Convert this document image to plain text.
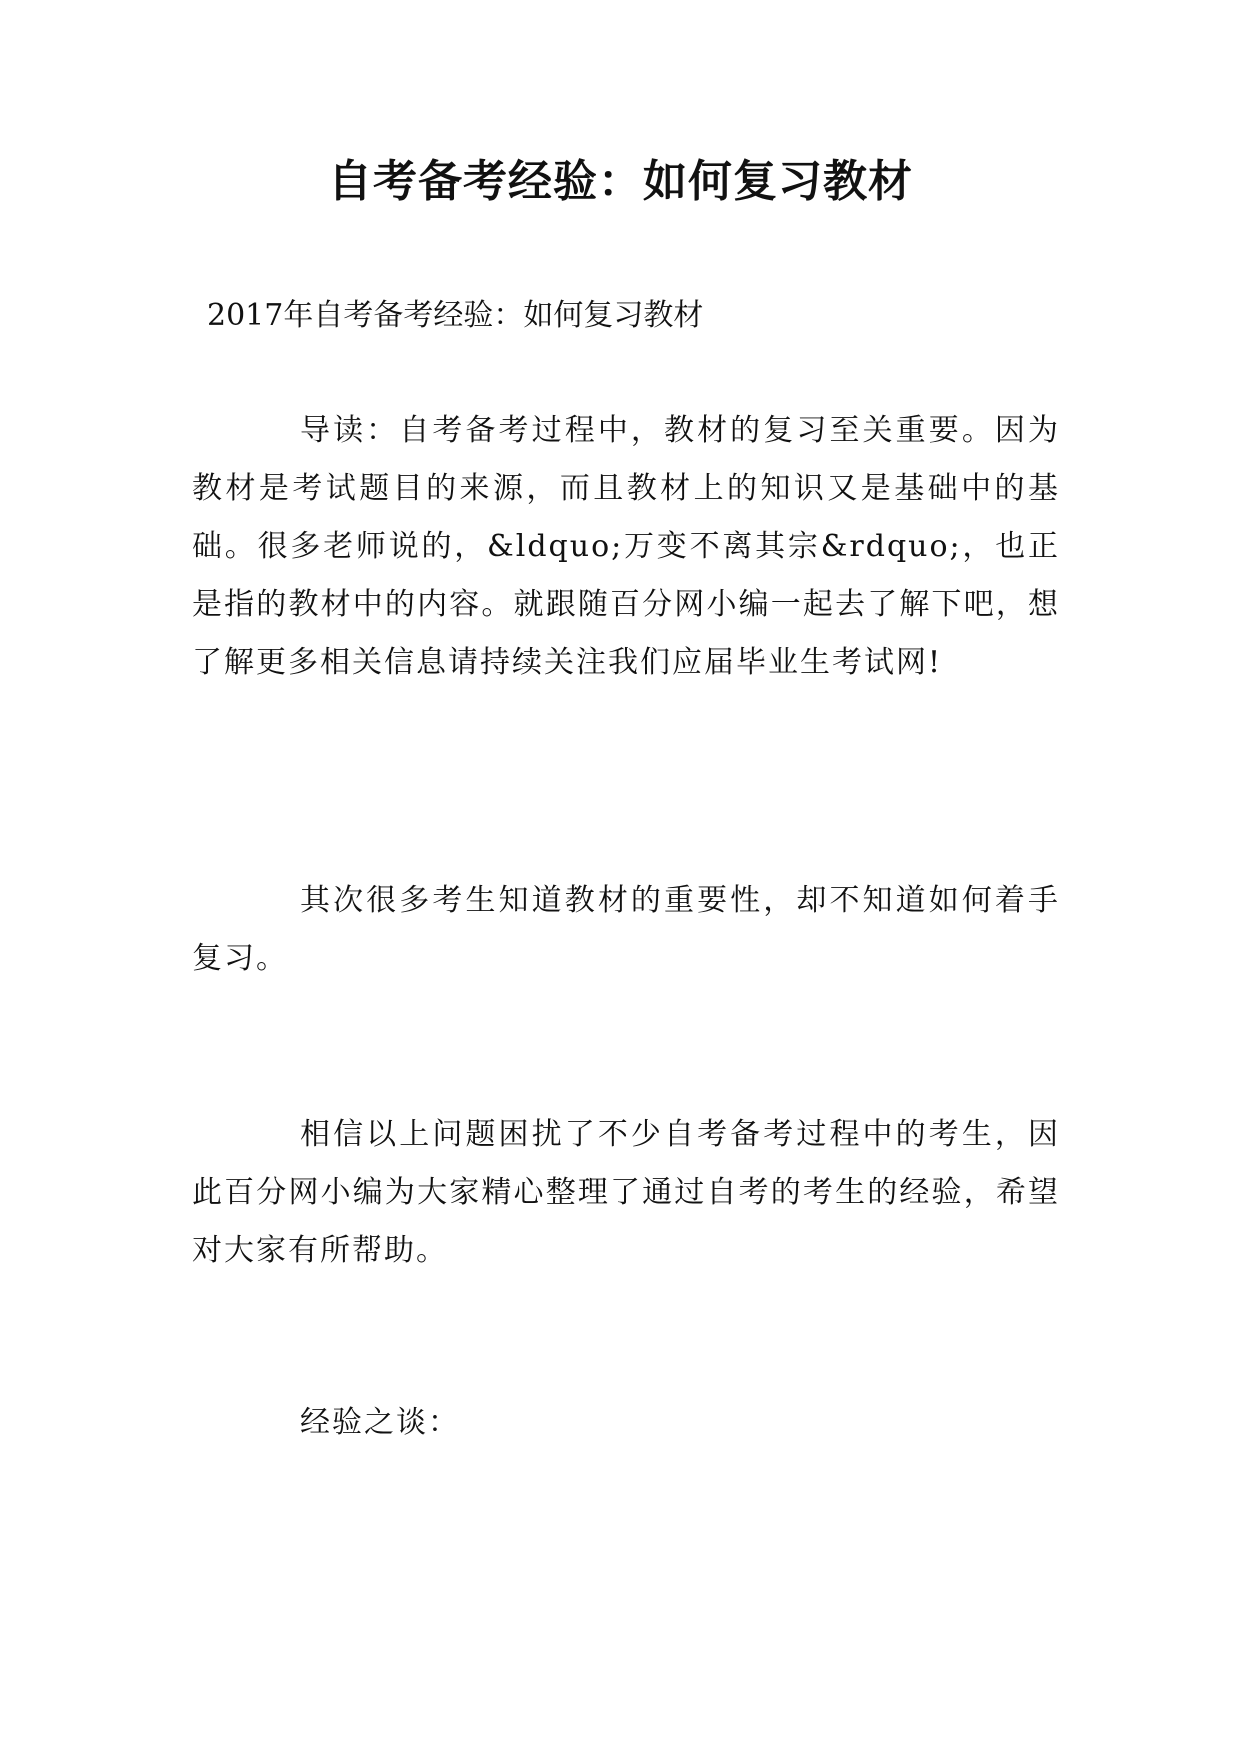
自考备考经验：如何复习教材

2017年自考备考经验：如何复习教材

导读：自考备考过程中，教材的复习至关重要。因为教材是考试题目的来源，而且教材上的知识又是基础中的基础。很多老师说的，&ldquo;万变不离其宗&rdquo;，也正是指的教材中的内容。就跟随百分网小编一起去了解下吧，想了解更多相关信息请持续关注我们应届毕业生考试网!

其次很多考生知道教材的重要性，却不知道如何着手复习。

相信以上问题困扰了不少自考备考过程中的考生，因此百分网小编为大家精心整理了通过自考的考生的经验，希望对大家有所帮助。

经验之谈：
